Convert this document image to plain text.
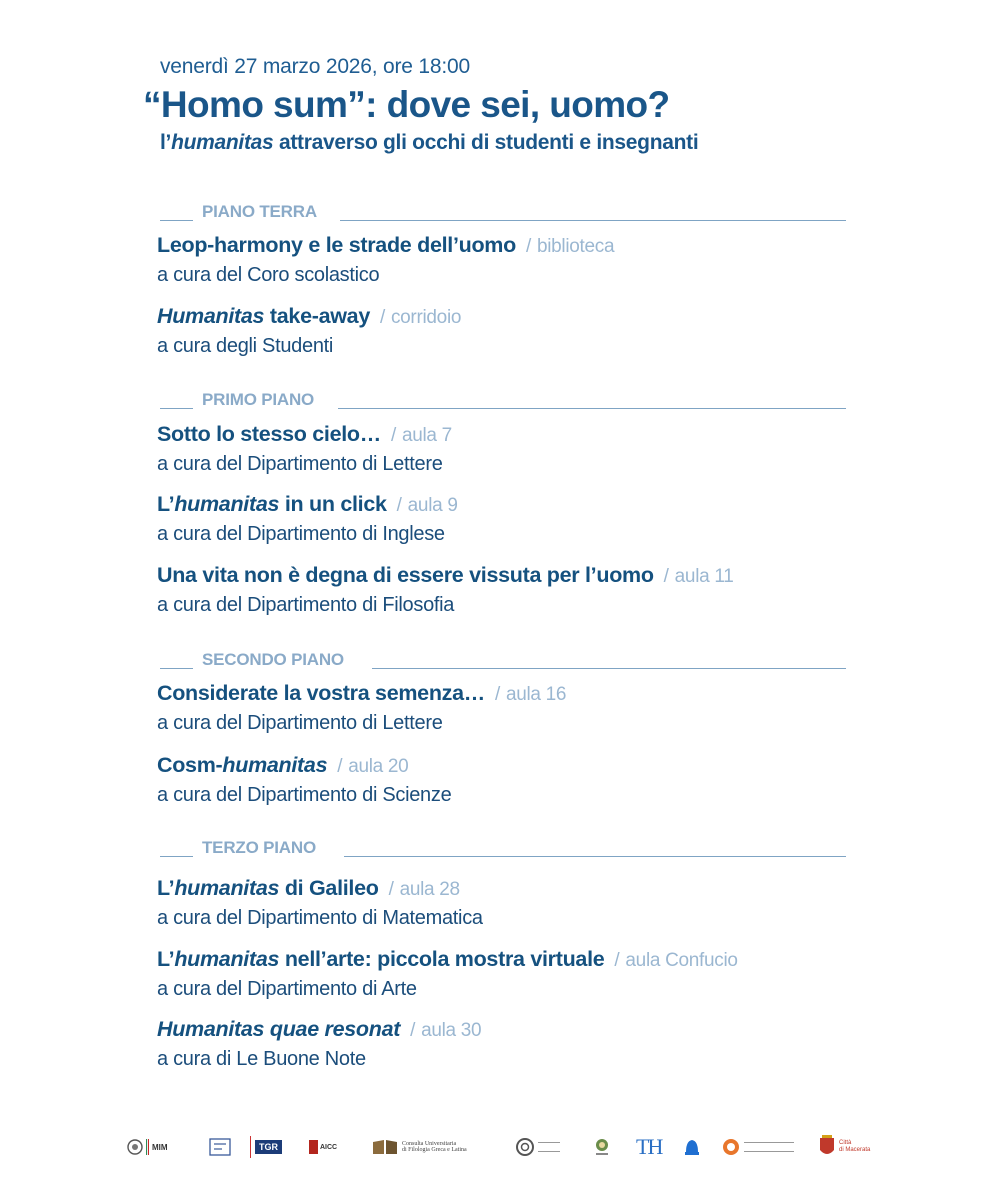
venerdì 27 marzo 2026, ore 18:00
“Homo sum”: dove sei, uomo?
l’humanitas attraverso gli occhi di studenti e insegnanti
PIANO TERRA
Leop-harmony e le strade dell’uomo / biblioteca
a cura del Coro scolastico
Humanitas take-away / corridoio
a cura degli Studenti
PRIMO PIANO
Sotto lo stesso cielo… / aula 7
a cura del Dipartimento di Lettere
L’humanitas in un click / aula 9
a cura del Dipartimento di Inglese
Una vita non è degna di essere vissuta per l’uomo / aula 11
a cura del Dipartimento di Filosofia
SECONDO PIANO
Considerate la vostra semenza… / aula 16
a cura del Dipartimento di Lettere
Cosm-humanitas / aula 20
a cura del Dipartimento di Scienze
TERZO PIANO
L’humanitas di Galileo / aula 28
a cura del Dipartimento di Matematica
L’humanitas nell’arte: piccola mostra virtuale / aula Confucio
a cura del Dipartimento di Arte
Humanitas quae resonat / aula 30
a cura di Le Buone Note
MIM	TGR	AICC	Consulta Universitaria
di Filologia Greca e Latina	TH	Città
di Macerata
